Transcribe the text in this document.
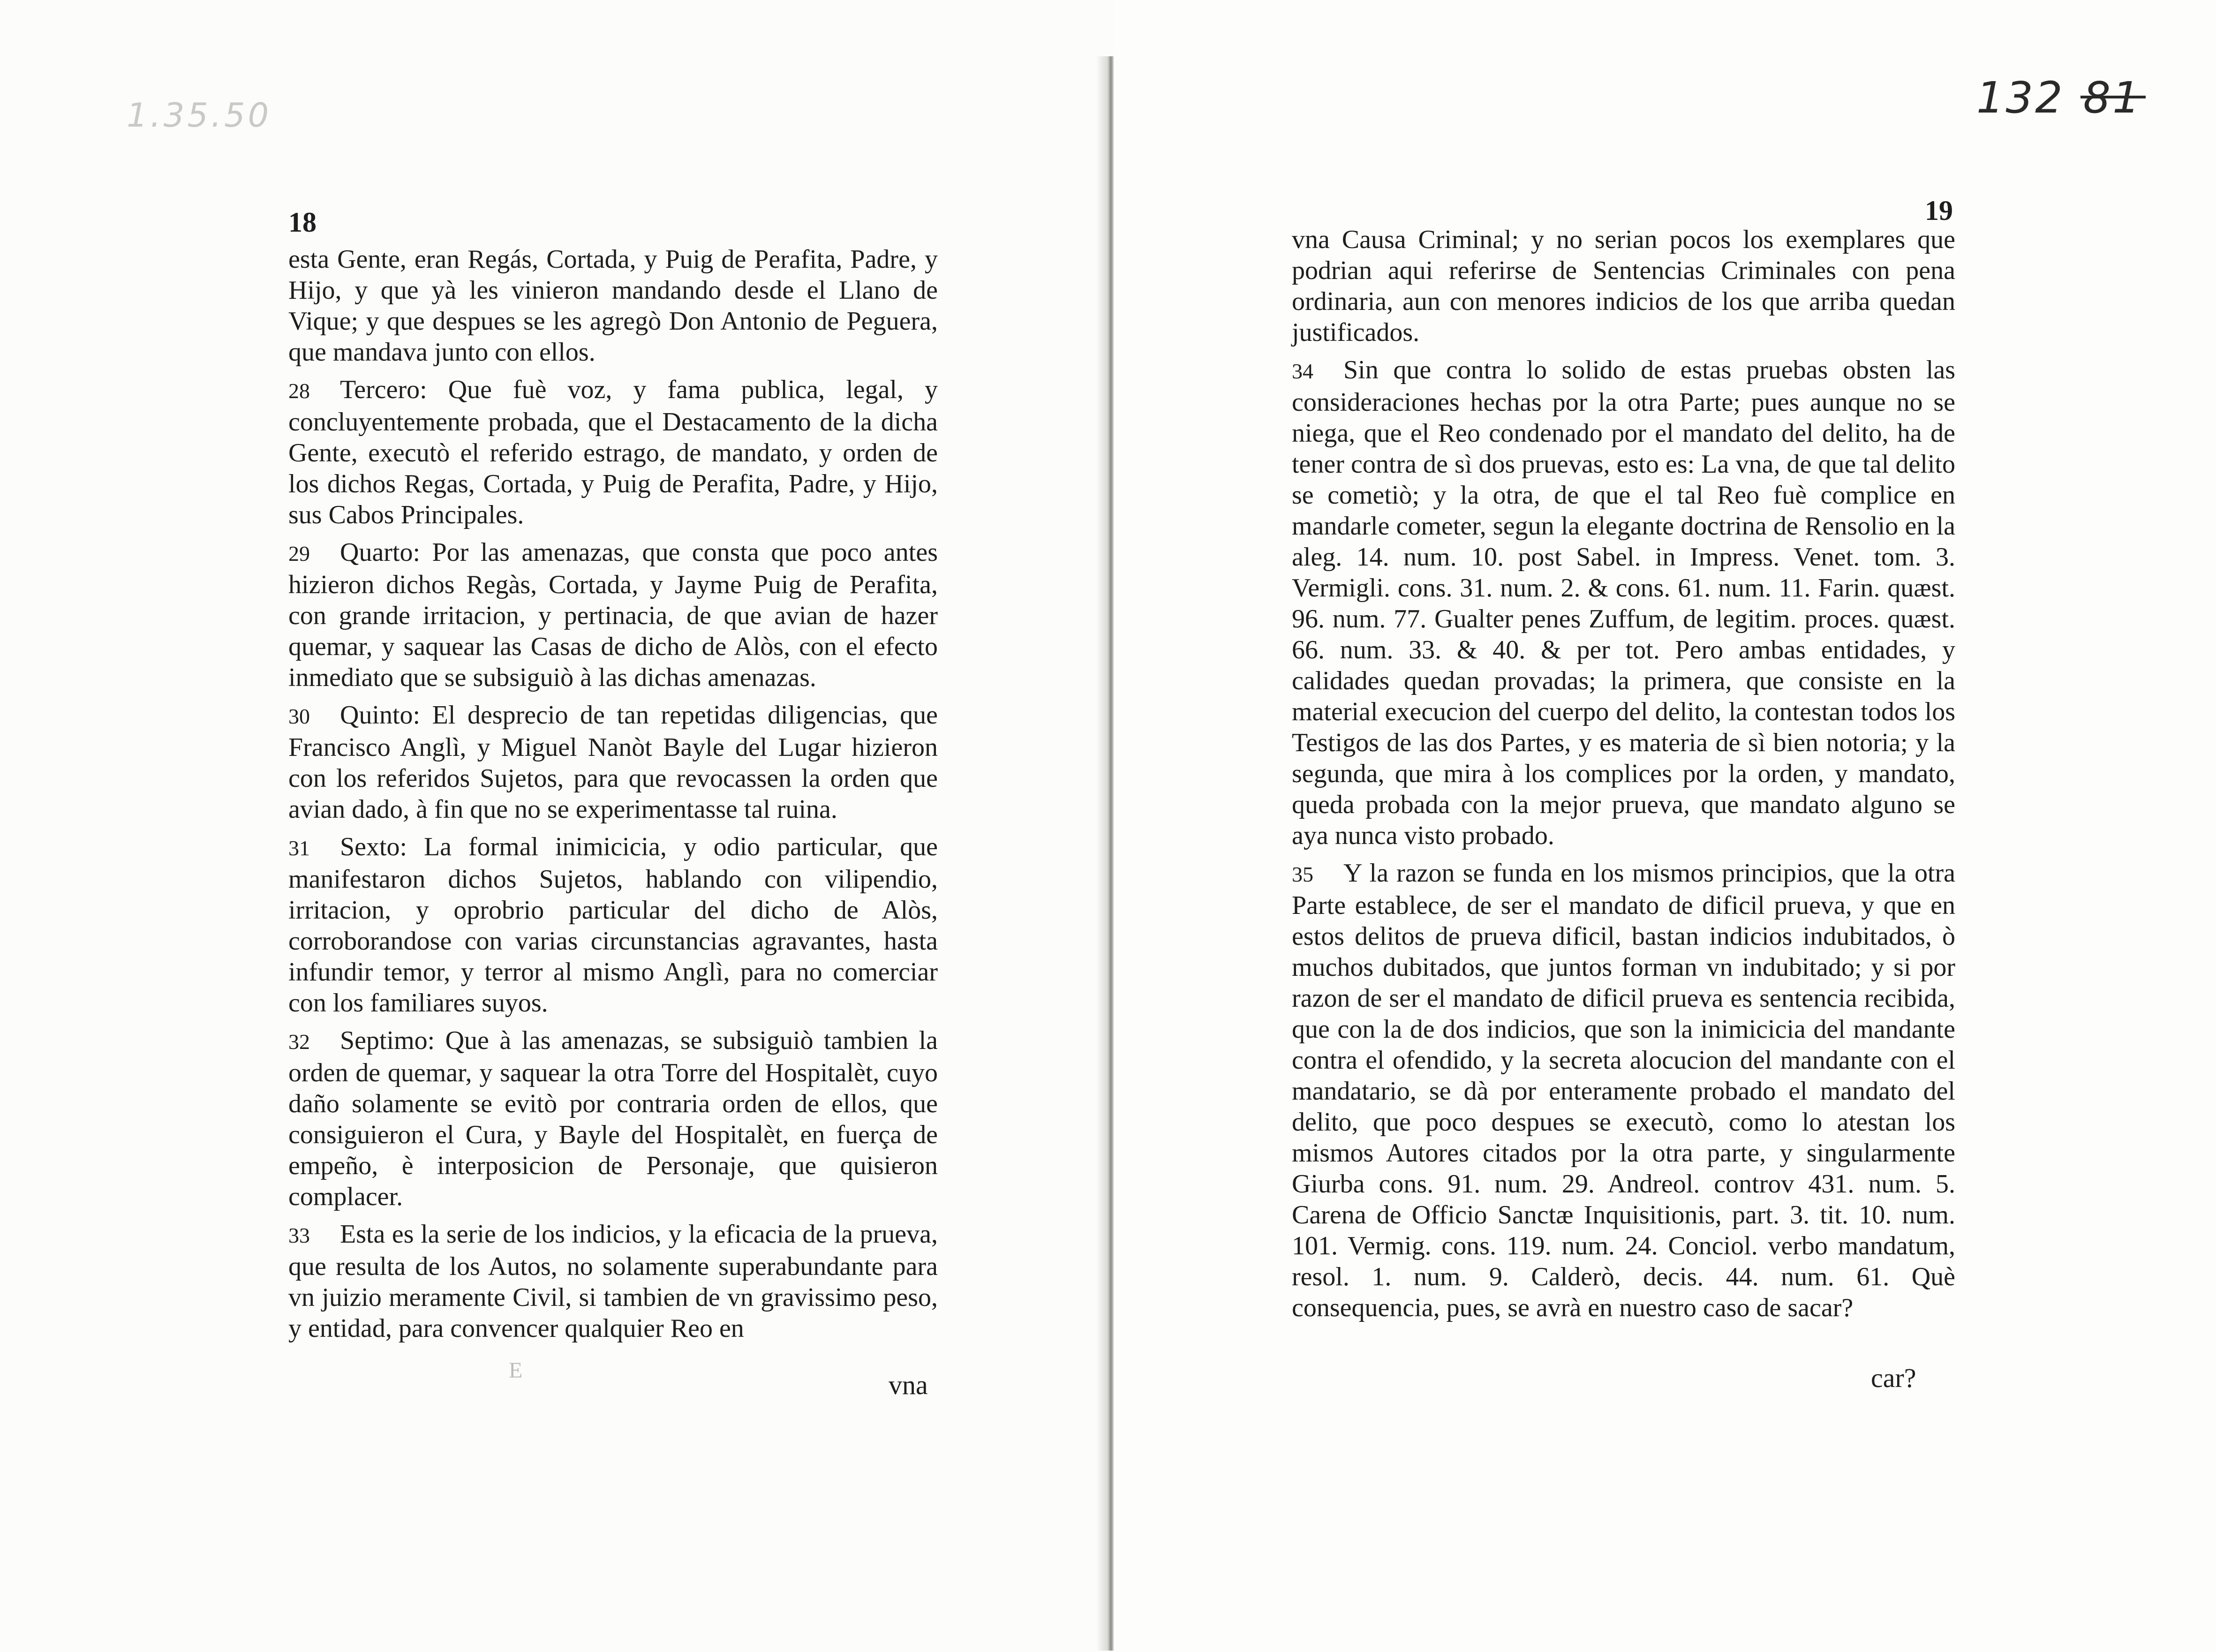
1.35.50
18

esta Gente, eran Regás, Cortada, y Puig de Perafita, Padre, y Hijo, y que yà les vinieron mandando desde el Llano de Vique; y que despues se les agregò Don Antonio de Peguera, que mandava junto con ellos.

28 Tercero: Que fuè voz, y fama publica, legal, y concluyentemente probada, que el Destacamento de la dicha Gente, executò el referido estrago, de mandato, y orden de los dichos Regas, Cortada, y Puig de Perafita, Padre, y Hijo, sus Cabos Principales.

29 Quarto: Por las amenazas, que consta que poco antes hizieron dichos Regàs, Cortada, y Jayme Puig de Perafita, con grande irritacion, y pertinacia, de que avian de hazer quemar, y saquear las Casas de dicho de Alòs, con el efecto inmediato que se subsiguiò à las dichas amenazas.

30 Quinto: El desprecio de tan repetidas diligencias, que Francisco Anglì, y Miguel Nanòt Bayle del Lugar hizieron con los referidos Sujetos, para que revocassen la orden que avian dado, à fin que no se experimentasse tal ruina.

31 Sexto: La formal inimicicia, y odio particular, que manifestaron dichos Sujetos, hablando con vilipendio, irritacion, y oprobrio particular del dicho de Alòs, corroborandose con varias circunstancias agravantes, hasta infundir temor, y terror al mismo Anglì, para no comerciar con los familiares suyos.

32 Septimo: Que à las amenazas, se subsiguiò tambien la orden de quemar, y saquear la otra Torre del Hospitalèt, cuyo daño solamente se evitò por contraria orden de ellos, que consiguieron el Cura, y Bayle del Hospitalèt, en fuerça de empeño, è interposicion de Personaje, que quisieron complacer.

33 Esta es la serie de los indicios, y la eficacia de la prueva, que resulta de los Autos, no solamente superabundante para vn juizio meramente Civil, si tambien de vn gravissimo peso, y entidad, para convencer qualquier Reo en

E	vna
132 81
19

vna Causa Criminal; y no serian pocos los exemplares que podrian aqui referirse de Sentencias Criminales con pena ordinaria, aun con menores indicios de los que arriba quedan justificados.

34 Sin que contra lo solido de estas pruebas obsten las consideraciones hechas por la otra Parte; pues aunque no se niega, que el Reo condenado por el mandato del delito, ha de tener contra de sì dos pruevas, esto es: La vna, de que tal delito se cometiò; y la otra, de que el tal Reo fuè complice en mandarle cometer, segun la elegante doctrina de Rensolio en la aleg. 14. num. 10. post Sabel. in Impress. Venet. tom. 3. Vermigli. cons. 31. num. 2. & cons. 61. num. 11. Farin. quæst. 96. num. 77. Gualter penes Zuffum, de legitim. proces. quæst. 66. num. 33. & 40. & per tot. Pero ambas entidades, y calidades quedan provadas; la primera, que consiste en la material execucion del cuerpo del delito, la contestan todos los Testigos de las dos Partes, y es materia de sì bien notoria; y la segunda, que mira à los complices por la orden, y mandato, queda probada con la mejor prueva, que mandato alguno se aya nunca visto probado.

35 Y la razon se funda en los mismos principios, que la otra Parte establece, de ser el mandato de dificil prueva, y que en estos delitos de prueva dificil, bastan indicios indubitados, ò muchos dubitados, que juntos forman vn indubitado; y si por razon de ser el mandato de dificil prueva es sentencia recibida, que con la de dos indicios, que son la inimicicia del mandante contra el ofendido, y la secreta alocucion del mandante con el mandatario, se dà por enteramente probado el mandato del delito, que poco despues se executò, como lo atestan los mismos Autores citados por la otra parte, y singularmente Giurba cons. 91. num. 29. Andreol. controv 431. num. 5. Carena de Officio Sanctæ Inquisitionis, part. 3. tit. 10. num. 101. Vermig. cons. 119. num. 24. Conciol. verbo mandatum, resol. 1. num. 9. Calderò, decis. 44. num. 61. Què consequencia, pues, se avrà en nuestro caso de sacar?

car?
